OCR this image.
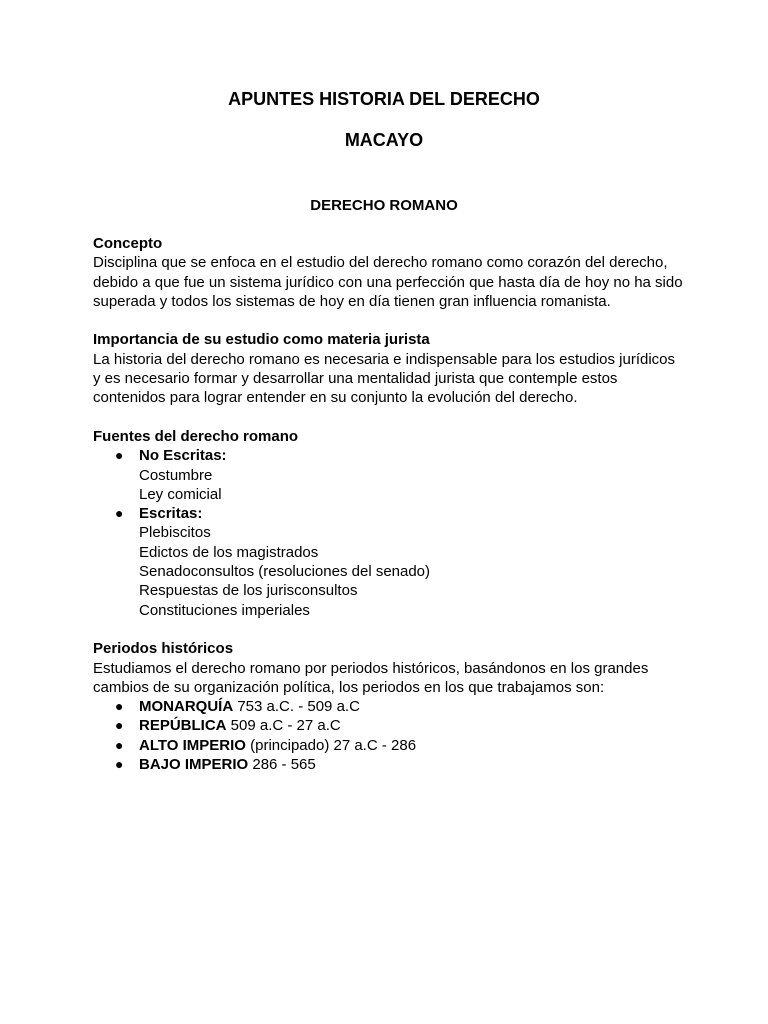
APUNTES HISTORIA DEL DERECHO
MACAYO
DERECHO ROMANO

Concepto

Disciplina que se enfoca en el estudio del derecho romano como corazón del derecho, debido a que fue un sistema jurídico con una perfección que hasta día de hoy no ha sido superada y todos los sistemas de hoy en día tienen gran influencia romanista.

Importancia de su estudio como materia jurista

La historia del derecho romano es necesaria e indispensable para los estudios jurídicos y es necesario formar y desarrollar una mentalidad jurista que contemple estos contenidos para lograr entender en su conjunto la evolución del derecho.

Fuentes del derecho romano

● No Escritas:

Costumbre

Ley comicial

● Escritas:

Plebiscitos

Edictos de los magistrados

Senadoconsultos (resoluciones del senado)

Respuestas de los jurisconsultos

Constituciones imperiales

Periodos históricos

Estudiamos el derecho romano por periodos históricos, basándonos en los grandes cambios de su organización política, los periodos en los que trabajamos son:

● MONARQUÍA 753 a.C. - 509 a.C
● REPÚBLICA 509 a.C - 27 a.C
● ALTO IMPERIO (principado) 27 a.C - 286
● BAJO IMPERIO 286 - 565
